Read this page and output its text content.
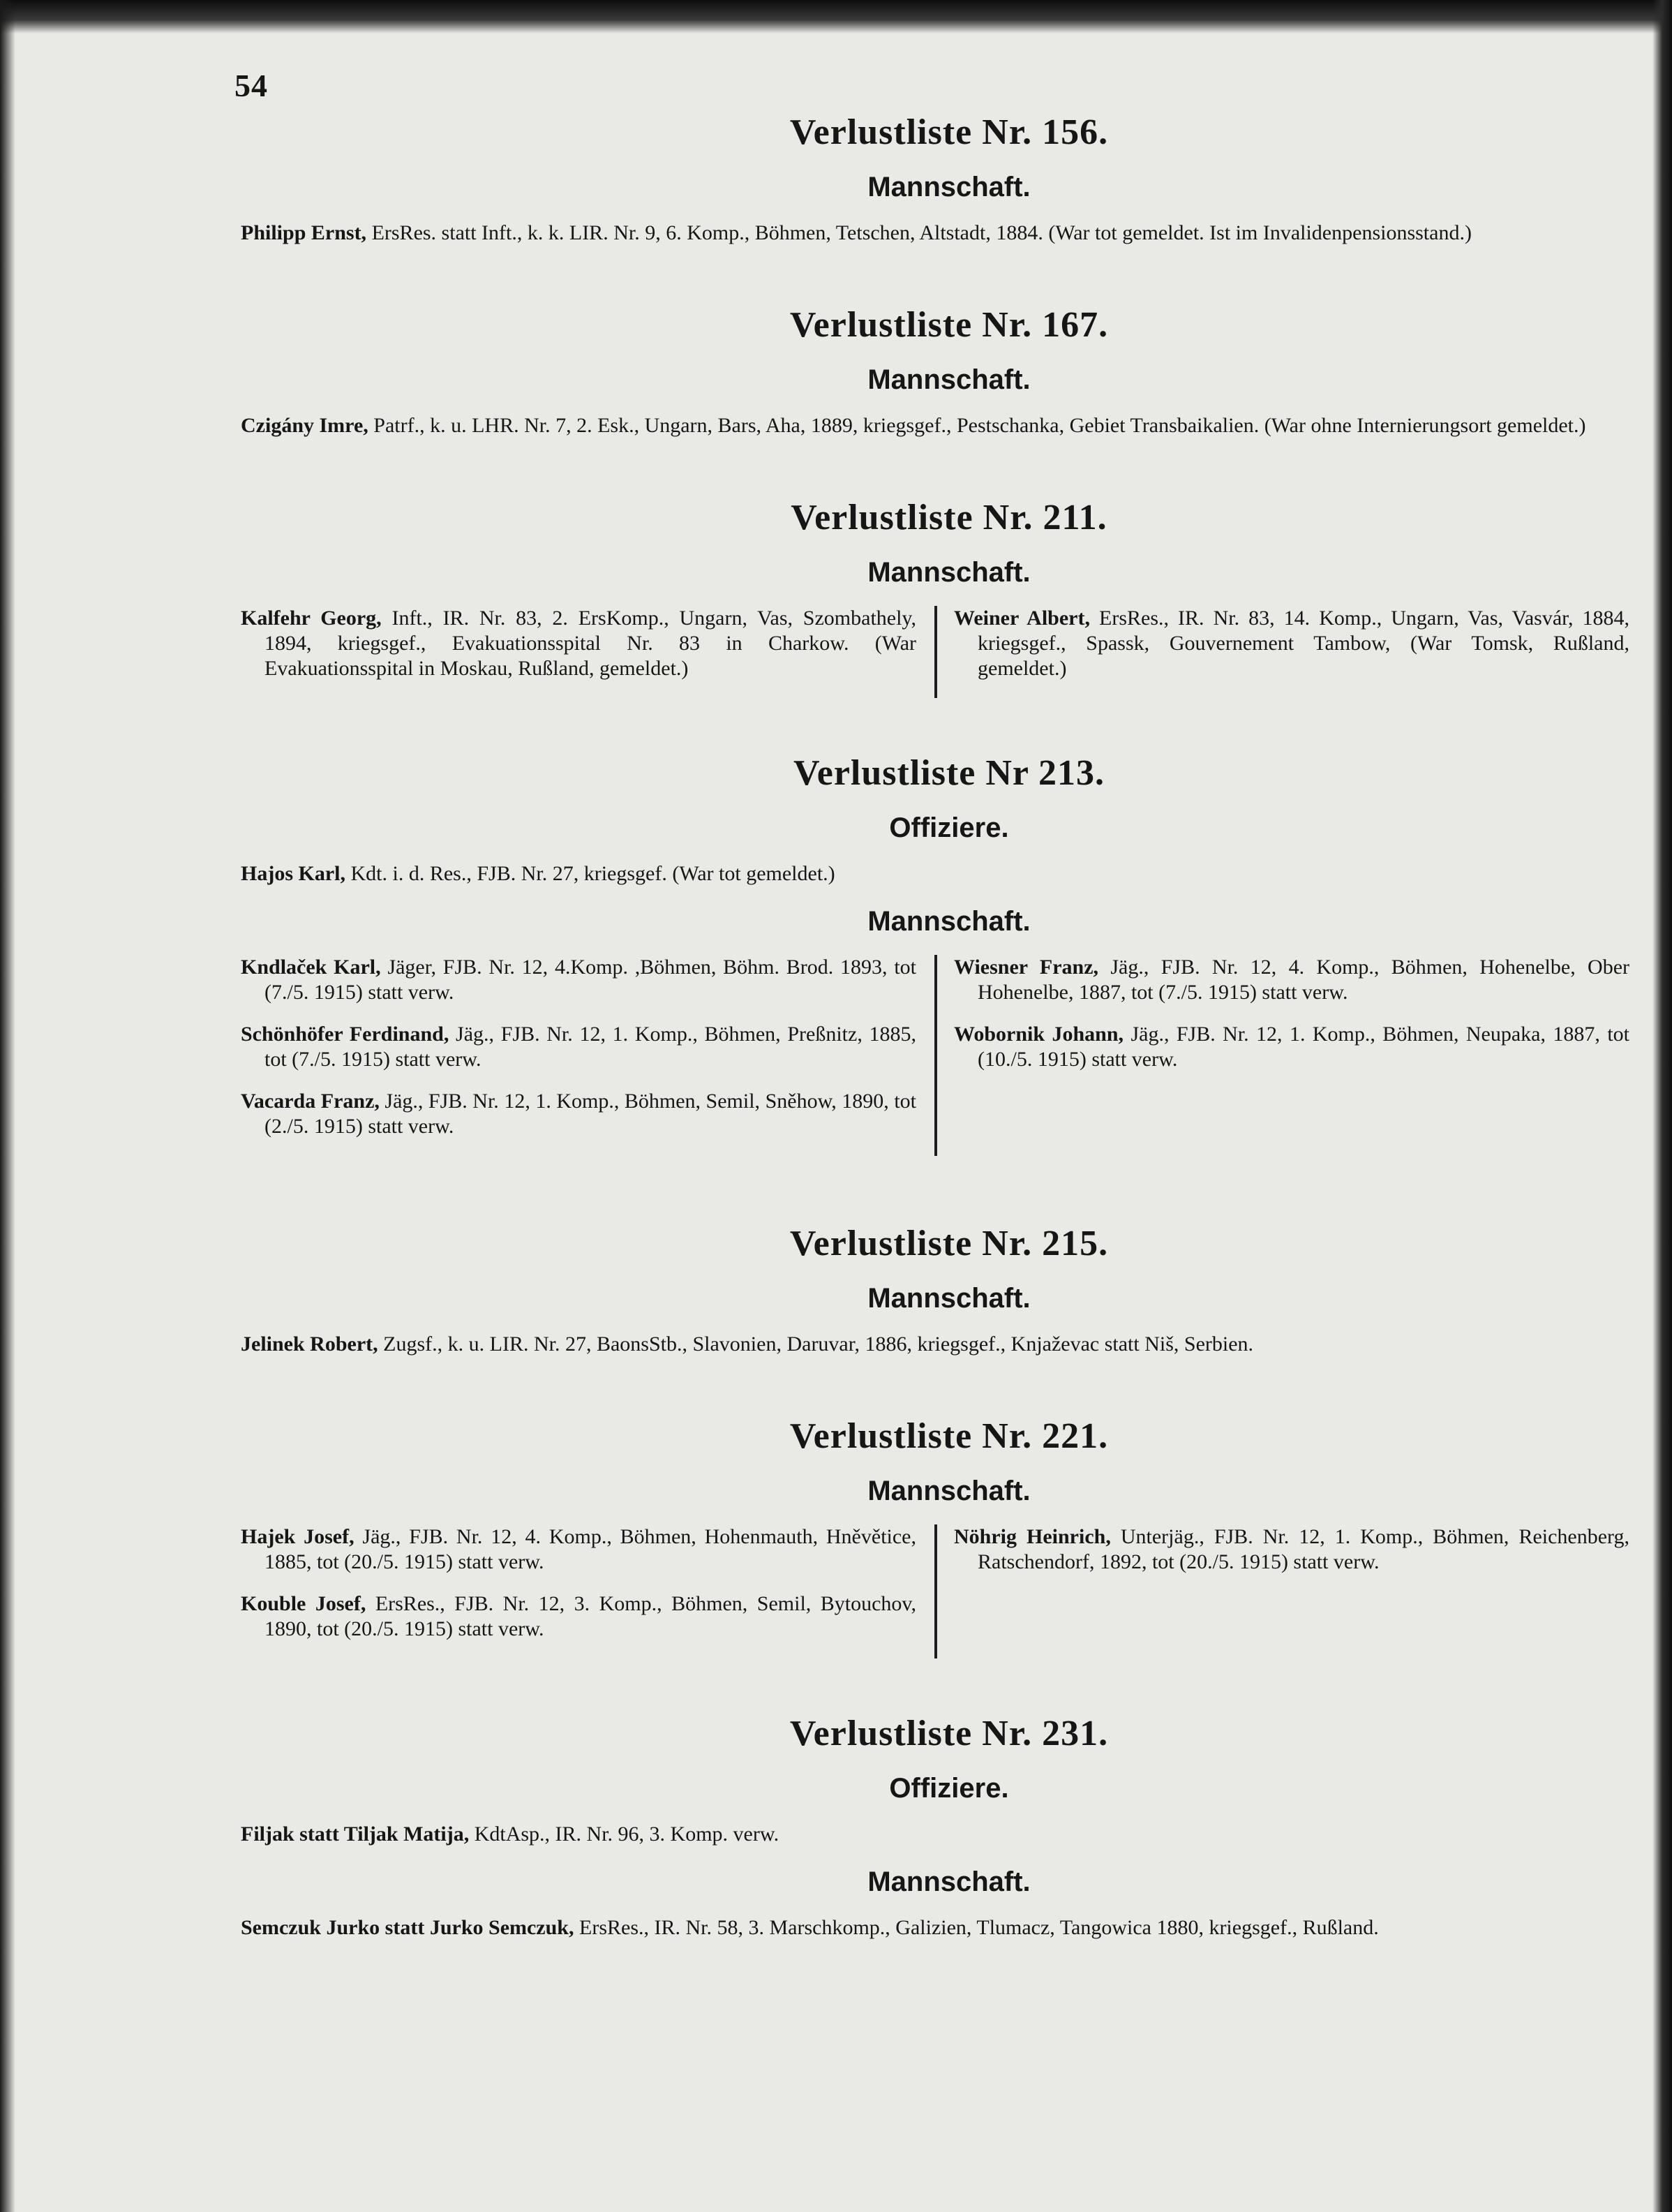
54
Verlustliste Nr. 156.
Mannschaft.

Philipp Ernst, ErsRes. statt Inft., k. k. LIR. Nr. 9, 6. Komp., Böhmen, Tetschen, Altstadt, 1884. (War tot gemeldet. Ist im Invalidenpensionsstand.)

Verlustliste Nr. 167.
Mannschaft.

Czigány Imre, Patrf., k. u. LHR. Nr. 7, 2. Esk., Ungarn, Bars, Aha, 1889, kriegsgef., Pestschanka, Gebiet Transbaikalien. (War ohne Internierungsort gemeldet.)

Verlustliste Nr. 211.
Mannschaft.

Kalfehr Georg, Inft., IR. Nr. 83, 2. ErsKomp., Ungarn, Vas, Szombathely, 1894, kriegsgef., Evakuationsspital Nr. 83 in Charkow. (War Evakuationsspital in Moskau, Rußland, gemeldet.)

Weiner Albert, ErsRes., IR. Nr. 83, 14. Komp., Ungarn, Vas, Vasvár, 1884, kriegsgef., Spassk, Gouvernement Tambow, (War Tomsk, Rußland, gemeldet.)

Verlustliste Nr 213.
Offiziere.

Hajos Karl, Kdt. i. d. Res., FJB. Nr. 27, kriegsgef. (War tot gemeldet.)

Mannschaft.

Kndlaček Karl, Jäger, FJB. Nr. 12, 4.Komp. ,Böhmen, Böhm. Brod. 1893, tot (7./5. 1915) statt verw.

Schönhöfer Ferdinand, Jäg., FJB. Nr. 12, 1. Komp., Böhmen, Preßnitz, 1885, tot (7./5. 1915) statt verw.

Vacarda Franz, Jäg., FJB. Nr. 12, 1. Komp., Böhmen, Semil, Sněhow, 1890, tot (2./5. 1915) statt verw.

Wiesner Franz, Jäg., FJB. Nr. 12, 4. Komp., Böhmen, Hohenelbe, Ober Hohenelbe, 1887, tot (7./5. 1915) statt verw.

Wobornik Johann, Jäg., FJB. Nr. 12, 1. Komp., Böhmen, Neupaka, 1887, tot (10./5. 1915) statt verw.

Verlustliste Nr. 215.
Mannschaft.

Jelinek Robert, Zugsf., k. u. LIR. Nr. 27, BaonsStb., Slavonien, Daruvar, 1886, kriegsgef., Knjaževac statt Niš, Serbien.

Verlustliste Nr. 221.
Mannschaft.

Hajek Josef, Jäg., FJB. Nr. 12, 4. Komp., Böhmen, Hohenmauth, Hněvětice, 1885, tot (20./5. 1915) statt verw.

Kouble Josef, ErsRes., FJB. Nr. 12, 3. Komp., Böhmen, Semil, Bytouchov, 1890, tot (20./5. 1915) statt verw.

Nöhrig Heinrich, Unterjäg., FJB. Nr. 12, 1. Komp., Böhmen, Reichenberg, Ratschendorf, 1892, tot (20./5. 1915) statt verw.

Verlustliste Nr. 231.
Offiziere.

Filjak statt Tiljak Matija, KdtAsp., IR. Nr. 96, 3. Komp. verw.

Mannschaft.

Semczuk Jurko statt Jurko Semczuk, ErsRes., IR. Nr. 58, 3. Marschkomp., Galizien, Tlumacz, Tangowica 1880, kriegsgef., Rußland.
